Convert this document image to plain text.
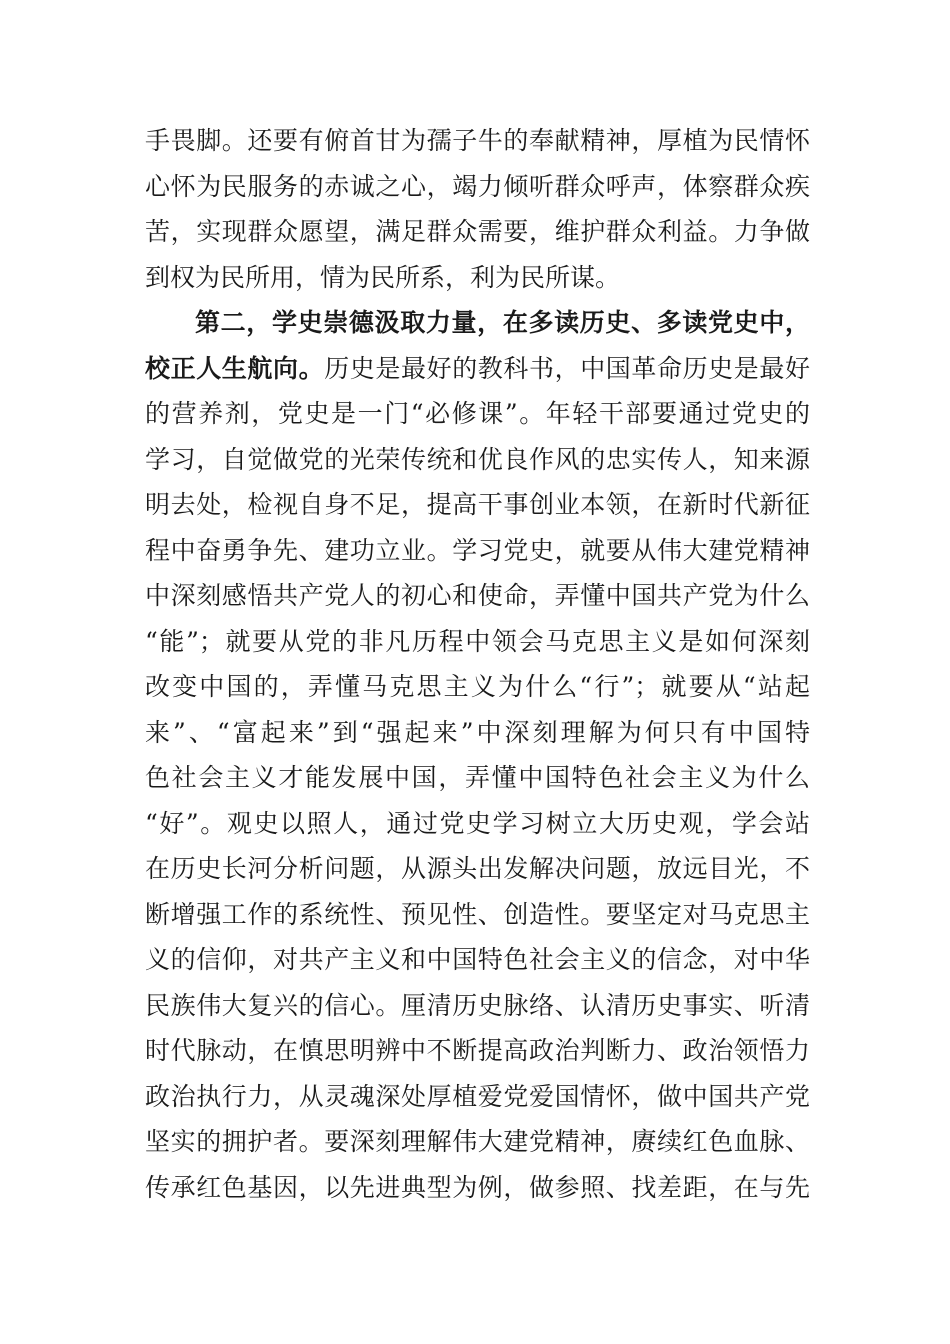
手畏脚。还要有俯首甘为孺子牛的奉献精神，厚植为民情怀
心怀为民服务的赤诚之心，竭力倾听群众呼声，体察群众疾
苦，实现群众愿望，满足群众需要，维护群众利益。力争做
到权为民所用，情为民所系，利为民所谋。
第二，学史崇德汲取力量，在多读历史、多读党史中，
校正人生航向。历史是最好的教科书，中国革命历史是最好
的营养剂，党史是一门“必修课”。年轻干部要通过党史的
学习，自觉做党的光荣传统和优良作风的忠实传人，知来源
明去处，检视自身不足，提高干事创业本领，在新时代新征
程中奋勇争先、建功立业。学习党史，就要从伟大建党精神
中深刻感悟共产党人的初心和使命，弄懂中国共产党为什么
“能”；就要从党的非凡历程中领会马克思主义是如何深刻
改变中国的，弄懂马克思主义为什么“行”；就要从“站起
来”、“富起来”到“强起来”中深刻理解为何只有中国特
色社会主义才能发展中国，弄懂中国特色社会主义为什么
“好”。观史以照人，通过党史学习树立大历史观，学会站
在历史长河分析问题，从源头出发解决问题，放远目光，不
断增强工作的系统性、预见性、创造性。要坚定对马克思主
义的信仰，对共产主义和中国特色社会主义的信念，对中华
民族伟大复兴的信心。厘清历史脉络、认清历史事实、听清
时代脉动，在慎思明辨中不断提高政治判断力、政治领悟力
政治执行力，从灵魂深处厚植爱党爱国情怀，做中国共产党
坚实的拥护者。要深刻理解伟大建党精神，赓续红色血脉、
传承红色基因，以先进典型为例，做参照、找差距，在与先
